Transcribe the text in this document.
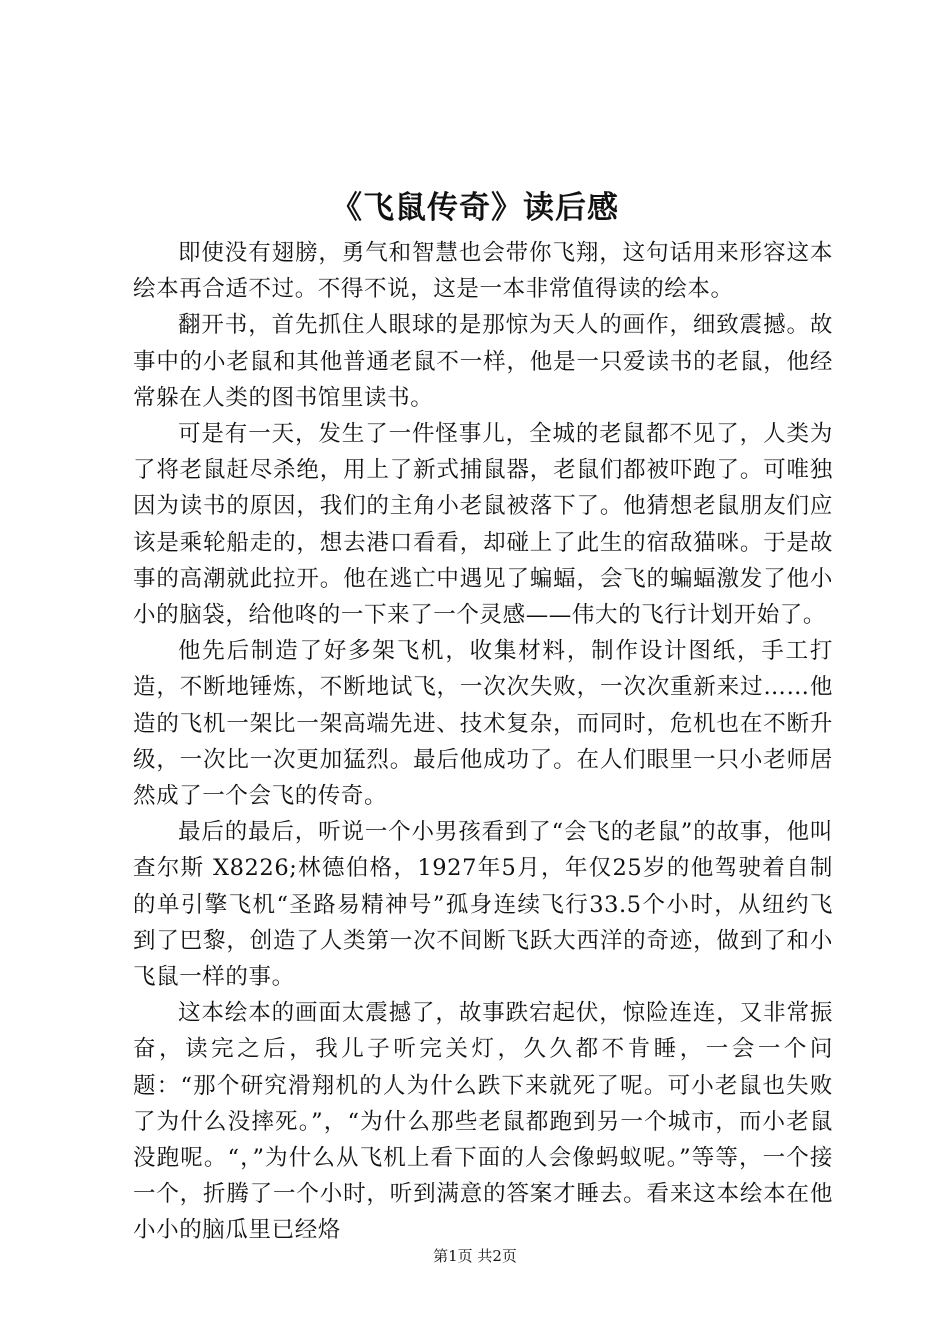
《飞鼠传奇》读后感

即使没有翅膀，勇气和智慧也会带你飞翔，这句话用来形容这本绘本再合适不过。不得不说，这是一本非常值得读的绘本。

翻开书，首先抓住人眼球的是那惊为天人的画作，细致震撼。故事中的小老鼠和其他普通老鼠不一样，他是一只爱读书的老鼠，他经常躲在人类的图书馆里读书。

可是有一天，发生了一件怪事儿，全城的老鼠都不见了，人类为了将老鼠赶尽杀绝，用上了新式捕鼠器，老鼠们都被吓跑了。可唯独因为读书的原因，我们的主角小老鼠被落下了。他猜想老鼠朋友们应该是乘轮船走的，想去港口看看，却碰上了此生的宿敌猫咪。于是故事的高潮就此拉开。他在逃亡中遇见了蝙蝠，会飞的蝙蝠激发了他小小的脑袋，给他咚的一下来了一个灵感——伟大的飞行计划开始了。

他先后制造了好多架飞机，收集材料，制作设计图纸，手工打造，不断地锤炼，不断地试飞，一次次失败，一次次重新来过……他造的飞机一架比一架高端先进、技术复杂，而同时，危机也在不断升级，一次比一次更加猛烈。最后他成功了。在人们眼里一只小老师居然成了一个会飞的传奇。

最后的最后，听说一个小男孩看到了“会飞的老鼠”的故事，他叫查尔斯 X8226;林德伯格，1927年5月，年仅25岁的他驾驶着自制的单引擎飞机“圣路易精神号”孤身连续飞行33.5个小时，从纽约飞到了巴黎，创造了人类第一次不间断飞跃大西洋的奇迹，做到了和小飞鼠一样的事。

这本绘本的画面太震撼了，故事跌宕起伏，惊险连连，又非常振奋，读完之后，我儿子听完关灯，久久都不肯睡，一会一个问题：“那个研究滑翔机的人为什么跌下来就死了呢。可小老鼠也失败了为什么没摔死。”，“为什么那些老鼠都跑到另一个城市，而小老鼠没跑呢。“，”为什么从飞机上看下面的人会像蚂蚁呢。”等等，一个接一个，折腾了一个小时，听到满意的答案才睡去。看来这本绘本在他小小的脑瓜里已经烙

第1页 共2页
